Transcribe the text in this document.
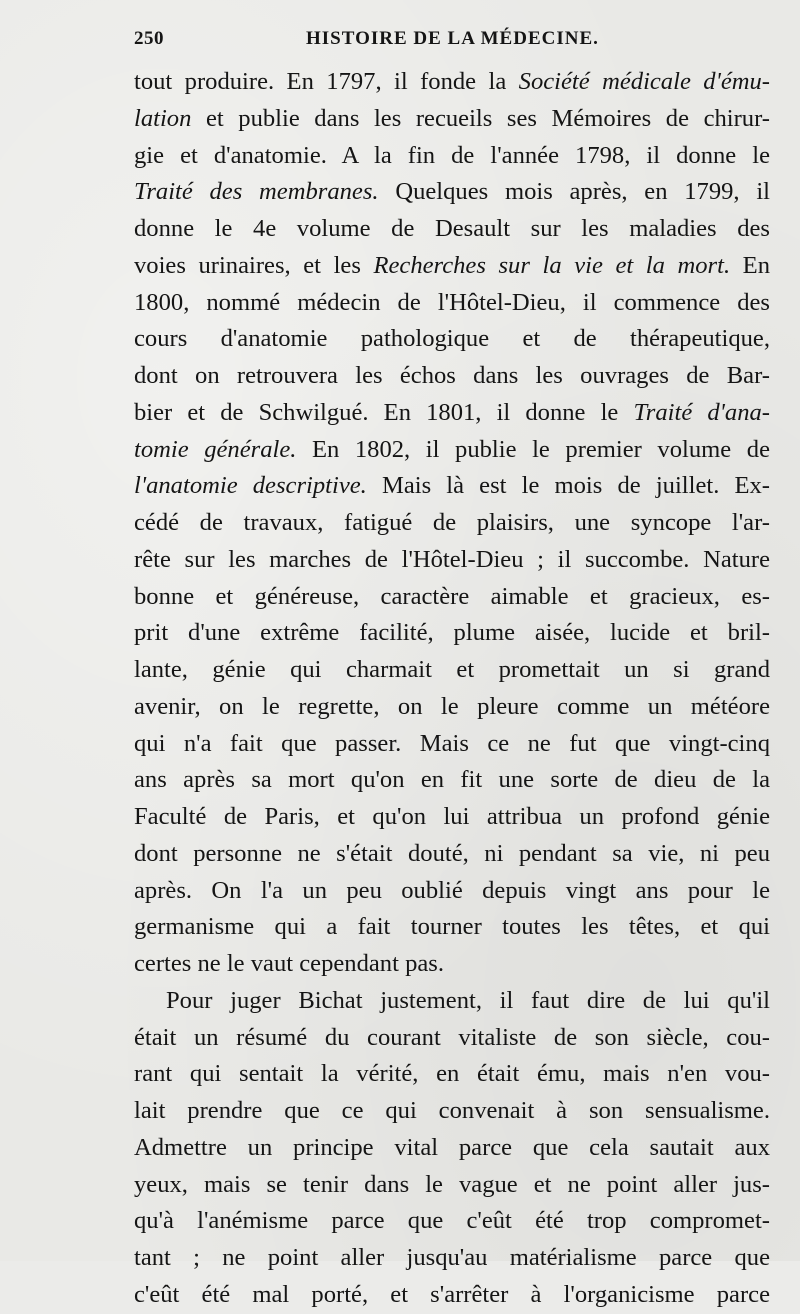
250	HISTOIRE DE LA MÉDECINE.
tout produire. En 1797, il fonde la Société médicale d'ému-
lation et publie dans les recueils ses Mémoires de chirur-
gie et d'anatomie. A la fin de l'année 1798, il donne le
Traité des membranes. Quelques mois après, en 1799, il
donne le 4e volume de Desault sur les maladies des
voies urinaires, et les Recherches sur la vie et la mort. En
1800, nommé médecin de l'Hôtel-Dieu, il commence des
cours d'anatomie pathologique et de thérapeutique,
dont on retrouvera les échos dans les ouvrages de Bar-
bier et de Schwilgué. En 1801, il donne le Traité d'ana-
tomie générale. En 1802, il publie le premier volume de
l'anatomie descriptive. Mais là est le mois de juillet. Ex-
cédé de travaux, fatigué de plaisirs, une syncope l'ar-
rête sur les marches de l'Hôtel-Dieu ; il succombe. Nature
bonne et généreuse, caractère aimable et gracieux, es-
prit d'une extrême facilité, plume aisée, lucide et bril-
lante, génie qui charmait et promettait un si grand
avenir, on le regrette, on le pleure comme un météore
qui n'a fait que passer. Mais ce ne fut que vingt-cinq
ans après sa mort qu'on en fit une sorte de dieu de la
Faculté de Paris, et qu'on lui attribua un profond génie
dont personne ne s'était douté, ni pendant sa vie, ni peu
après. On l'a un peu oublié depuis vingt ans pour le
germanisme qui a fait tourner toutes les têtes, et qui
certes ne le vaut cependant pas.
Pour juger Bichat justement, il faut dire de lui qu'il
était un résumé du courant vitaliste de son siècle, cou-
rant qui sentait la vérité, en était ému, mais n'en vou-
lait prendre que ce qui convenait à son sensualisme.
Admettre un principe vital parce que cela sautait aux
yeux, mais se tenir dans le vague et ne point aller jus-
qu'à l'anémisme parce que c'eût été trop compromet-
tant ; ne point aller jusqu'au matérialisme parce que
c'eût été mal porté, et s'arrêter à l'organicisme parce
